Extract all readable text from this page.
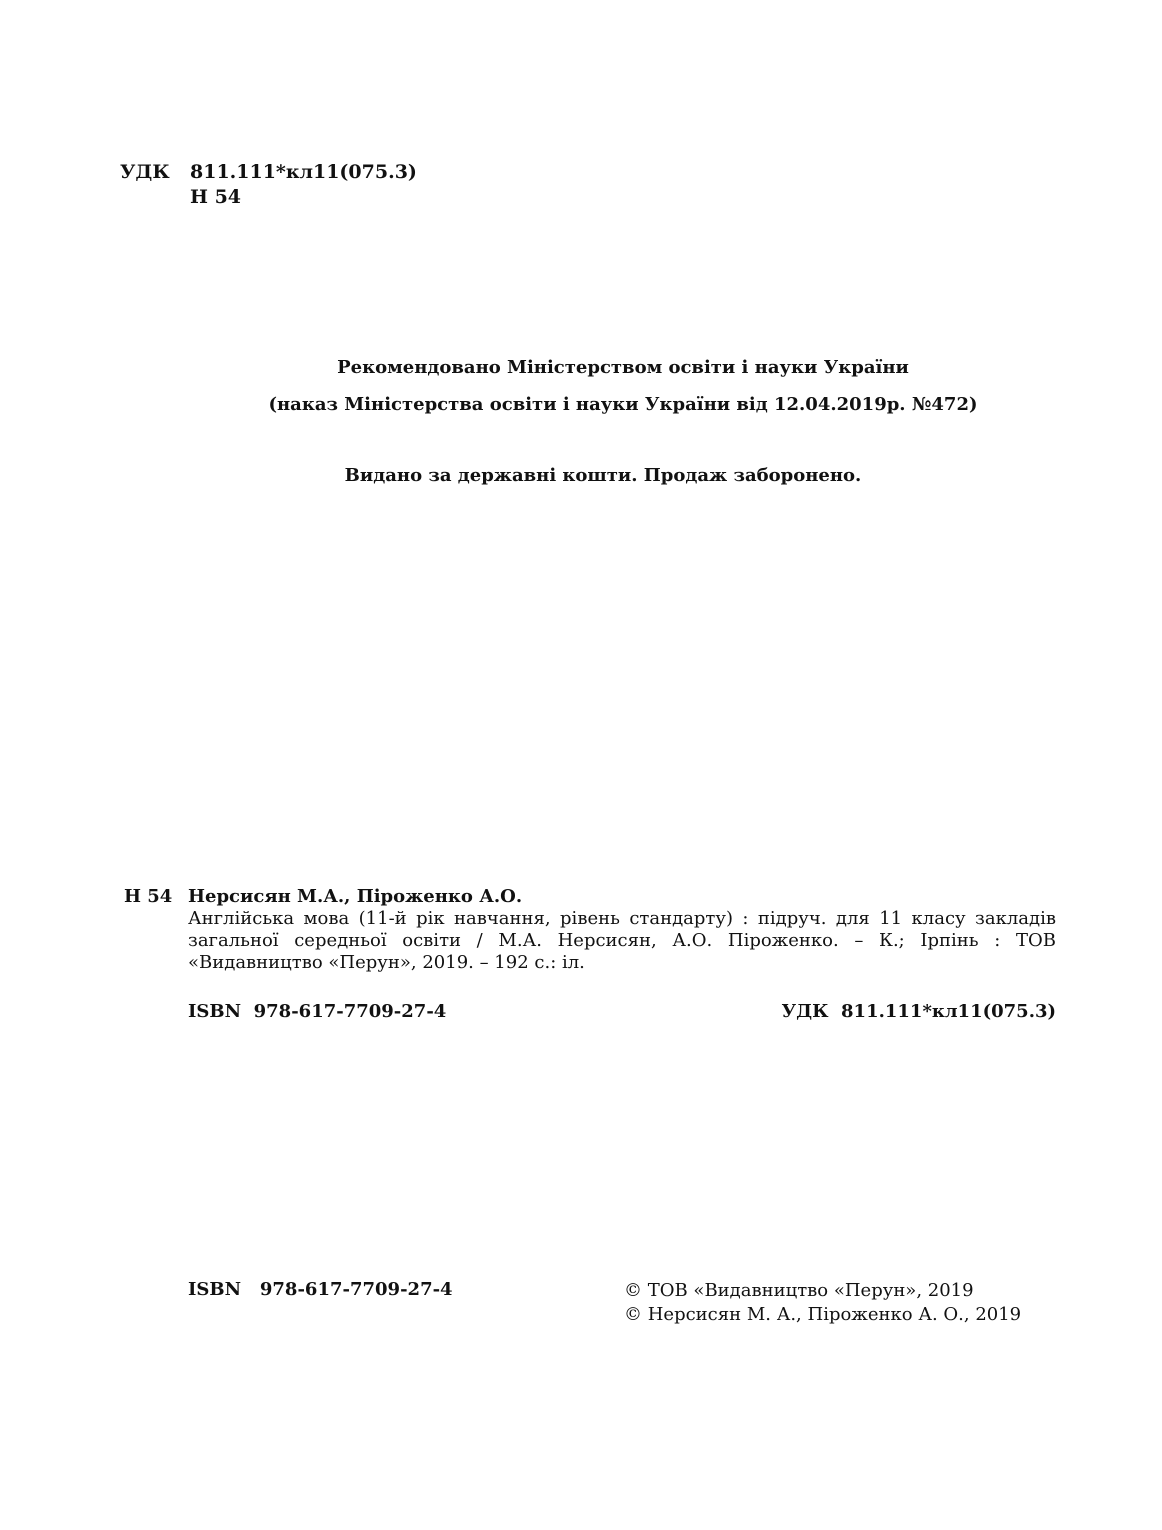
УДК	811.111*кл11(075.3)
Н 54
Рекомендовано Міністерством освіти і науки України
(наказ Міністерства освіти і науки України від 12.04.2019р. №472)
Видано за державні кошти. Продаж заборонено.
Н 54 Нерсисян М.А., Піроженко А.О.
Англійська мова (11-й рік навчання, рівень стандарту) : підруч. для 11 класу закладів загальної середньої освіти / М.А. Нерсисян, А.О. Піроженко. – К.; Ірпінь : ТОВ «Видавництво «Перун», 2019. – 192 с.: іл.
ISBN  978-617-7709-27-4	УДК  811.111*кл11(075.3)
ISBN   978-617-7709-27-4	© ТОВ «Видавництво «Перун», 2019
© Нерсисян М. А., Піроженко А. О., 2019
